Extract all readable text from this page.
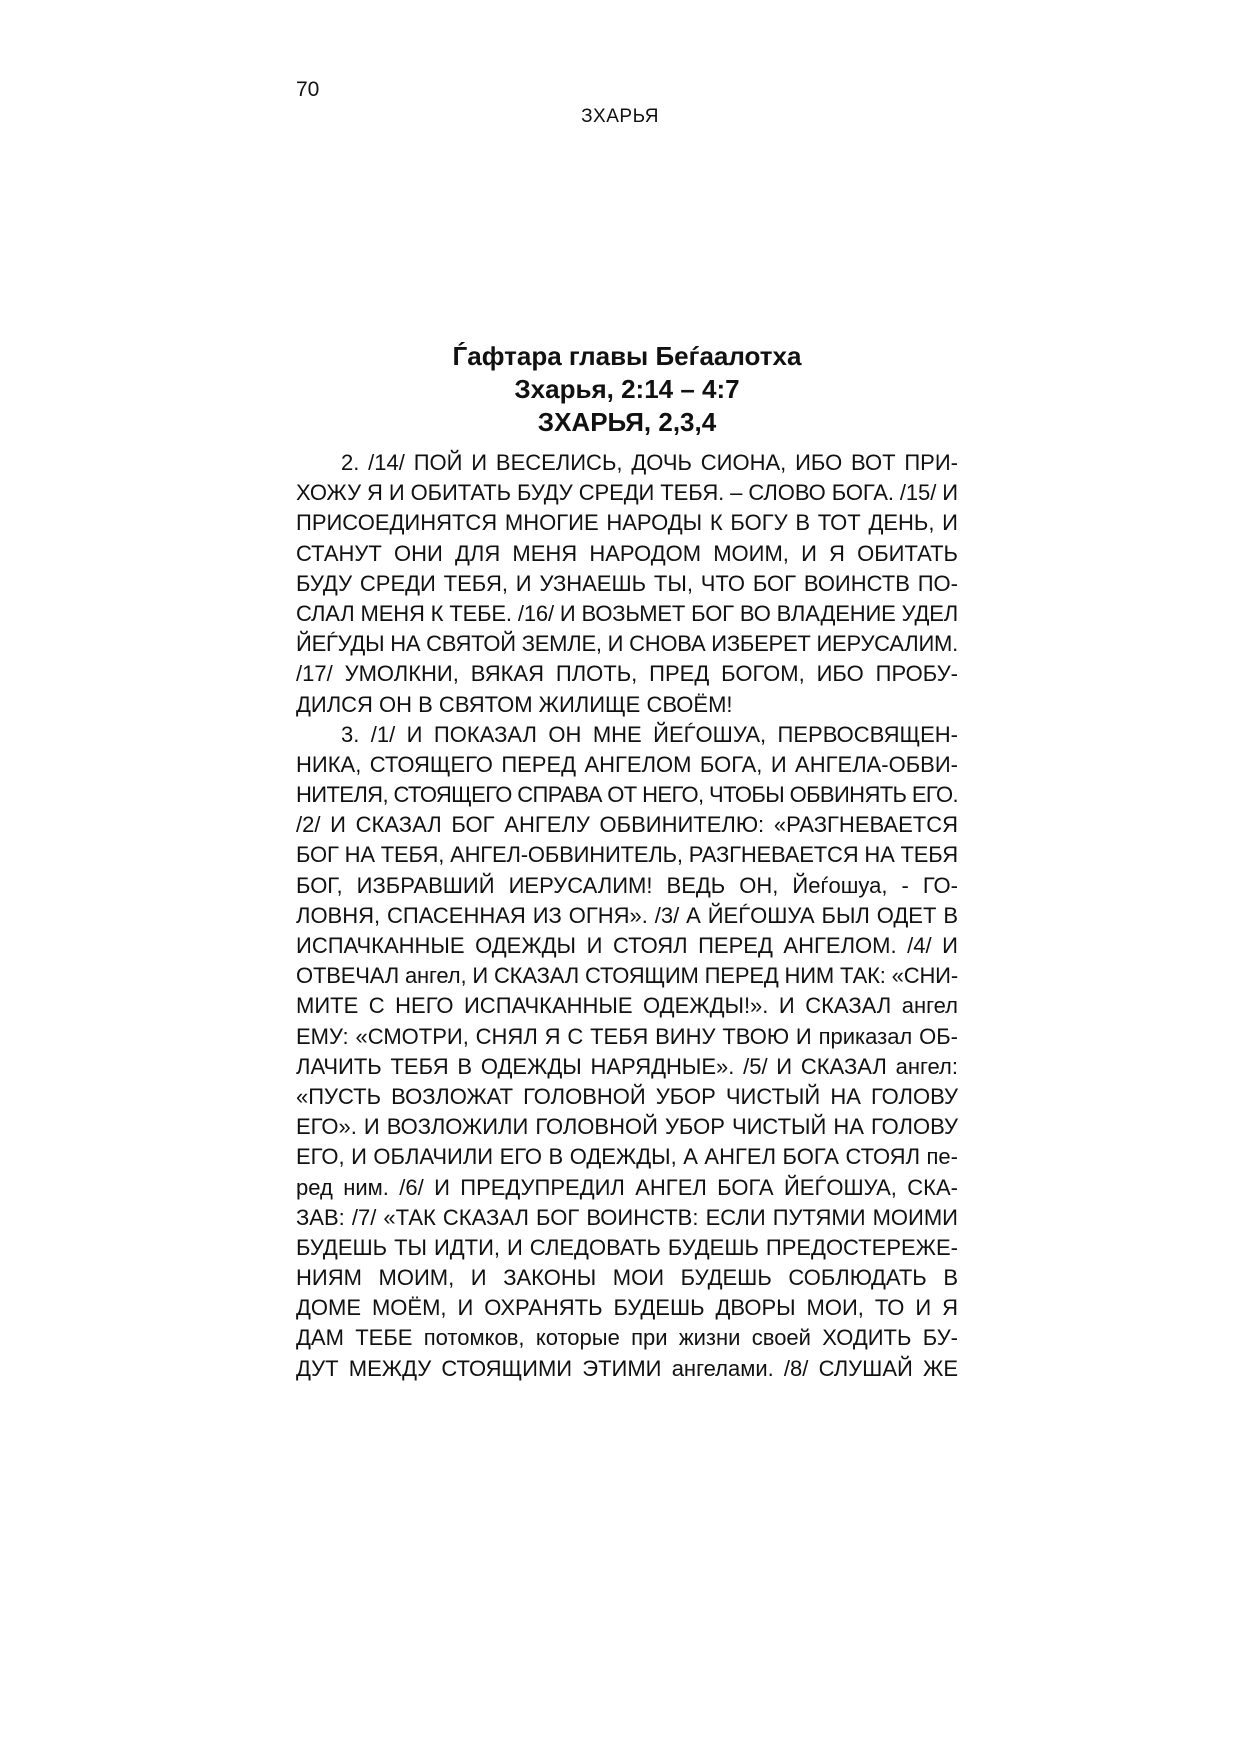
70
ЗХАРЬЯ
Ѓафтара главы Беѓаалотха
Зхарья, 2:14 – 4:7
ЗХАРЬЯ, 2,3,4
2. /14/ ПОЙ И ВЕСЕЛИСЬ, ДОЧЬ СИОНА, ИБО ВОТ ПРИ-
ХОЖУ Я И ОБИТАТЬ БУДУ СРЕДИ ТЕБЯ. – СЛОВО БОГА. /15/ И
ПРИСОЕДИНЯТСЯ МНОГИЕ НАРОДЫ К БОГУ В ТОТ ДЕНЬ, И
СТАНУТ ОНИ ДЛЯ МЕНЯ НАРОДОМ МОИМ, И Я ОБИТАТЬ
БУДУ СРЕДИ ТЕБЯ, И УЗНАЕШЬ ТЫ, ЧТО БОГ ВОИНСТВ ПО-
СЛАЛ МЕНЯ К ТЕБЕ. /16/ И ВОЗЬМЕТ БОГ ВО ВЛАДЕНИЕ УДЕЛ
ЙЕЃУДЫ НА СВЯТОЙ ЗЕМЛЕ, И СНОВА ИЗБЕРЕТ ИЕРУСАЛИМ.
/17/ УМОЛКНИ, ВЯКАЯ ПЛОТЬ, ПРЕД БОГОМ, ИБО ПРОБУ-
ДИЛСЯ ОН В СВЯТОМ ЖИЛИЩЕ СВОЁМ!
3. /1/ И ПОКАЗАЛ ОН МНЕ ЙЕЃОШУА, ПЕРВОСВЯЩЕН-
НИКА, СТОЯЩЕГО ПЕРЕД АНГЕЛОМ БОГА, И АНГЕЛА-ОБВИ-
НИТЕЛЯ, СТОЯЩЕГО СПРАВА ОТ НЕГО, ЧТОБЫ ОБВИНЯТЬ ЕГО.
/2/ И СКАЗАЛ БОГ АНГЕЛУ ОБВИНИТЕЛЮ: «РАЗГНЕВАЕТСЯ
БОГ НА ТЕБЯ, АНГЕЛ-ОБВИНИТЕЛЬ, РАЗГНЕВАЕТСЯ НА ТЕБЯ
БОГ, ИЗБРАВШИЙ ИЕРУСАЛИМ! ВЕДЬ ОН, Йеѓошуа, - ГО-
ЛОВНЯ, СПАСЕННАЯ ИЗ ОГНЯ». /3/ А ЙЕЃОШУА БЫЛ ОДЕТ В
ИСПАЧКАННЫЕ ОДЕЖДЫ И СТОЯЛ ПЕРЕД АНГЕЛОМ. /4/ И
ОТВЕЧАЛ ангел, И СКАЗАЛ СТОЯЩИМ ПЕРЕД НИМ ТАК: «СНИ-
МИТЕ С НЕГО ИСПАЧКАННЫЕ ОДЕЖДЫ!». И СКАЗАЛ ангел
ЕМУ: «СМОТРИ, СНЯЛ Я С ТЕБЯ ВИНУ ТВОЮ И приказал ОБ-
ЛАЧИТЬ ТЕБЯ В ОДЕЖДЫ НАРЯДНЫЕ». /5/ И СКАЗАЛ ангел:
«ПУСТЬ ВОЗЛОЖАТ ГОЛОВНОЙ УБОР ЧИСТЫЙ НА ГОЛОВУ
ЕГО». И ВОЗЛОЖИЛИ ГОЛОВНОЙ УБОР ЧИСТЫЙ НА ГОЛОВУ
ЕГО, И ОБЛАЧИЛИ ЕГО В ОДЕЖДЫ, А АНГЕЛ БОГА СТОЯЛ пе-
ред ним. /6/ И ПРЕДУПРЕДИЛ АНГЕЛ БОГА ЙЕЃОШУА, СКА-
ЗАВ: /7/ «ТАК СКАЗАЛ БОГ ВОИНСТВ: ЕСЛИ ПУТЯМИ МОИМИ
БУДЕШЬ ТЫ ИДТИ, И СЛЕДОВАТЬ БУДЕШЬ ПРЕДОСТЕРЕЖЕ-
НИЯМ МОИМ, И ЗАКОНЫ МОИ БУДЕШЬ СОБЛЮДАТЬ В
ДОМЕ МОЁМ, И ОХРАНЯТЬ БУДЕШЬ ДВОРЫ МОИ, ТО И Я
ДАМ ТЕБЕ потомков, которые при жизни своей ХОДИТЬ БУ-
ДУТ МЕЖДУ СТОЯЩИМИ ЭТИМИ ангелами. /8/ СЛУШАЙ ЖЕ
